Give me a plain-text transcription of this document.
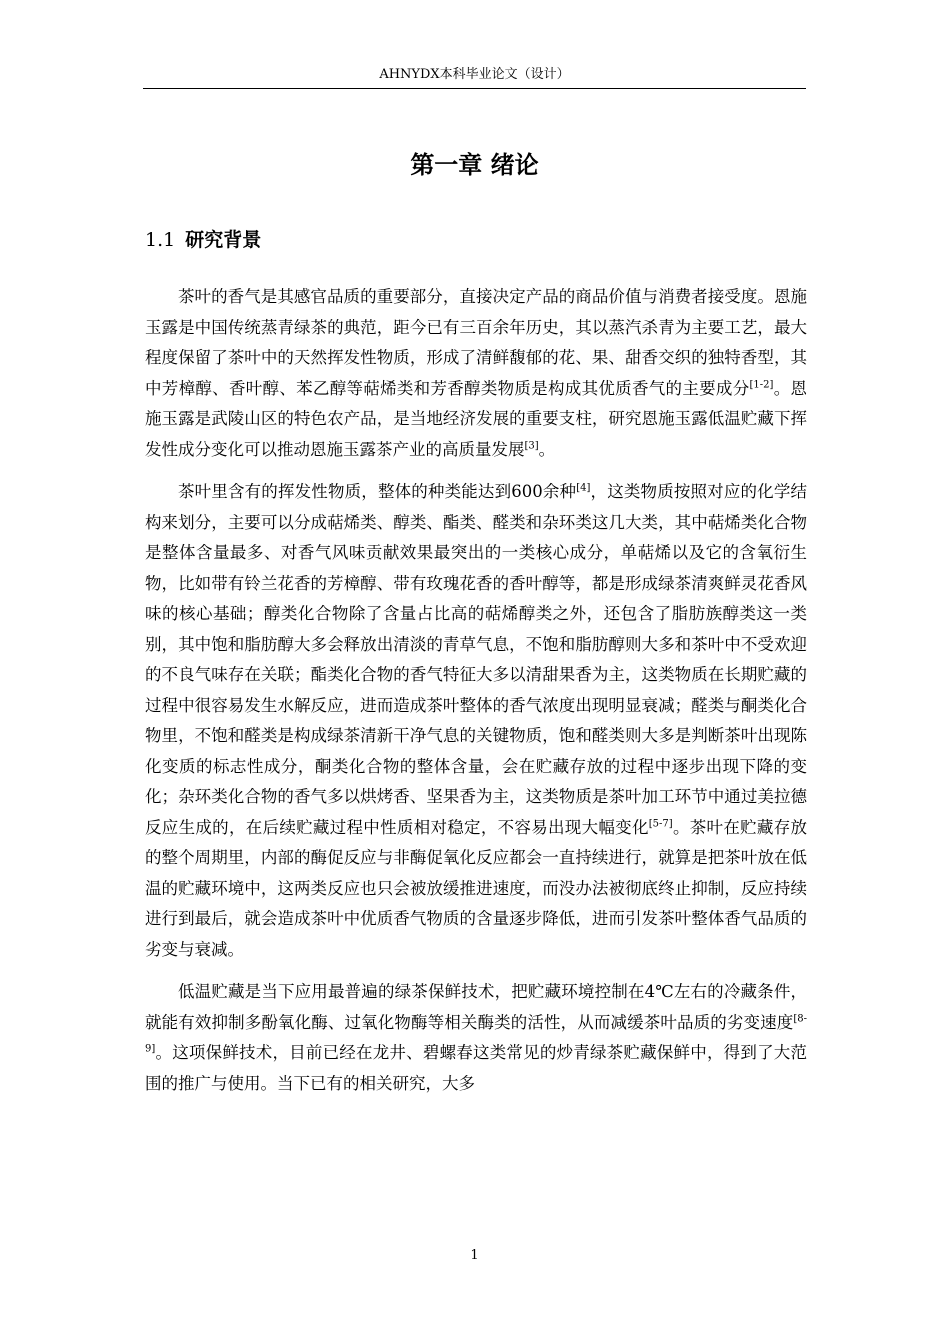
AHNYDX本科毕业论文（设计）
第一章 绪论
1.1 研究背景

茶叶的香气是其感官品质的重要部分，直接决定产品的商品价值与消费者接受度。恩施玉露是中国传统蒸青绿茶的典范，距今已有三百余年历史，其以蒸汽杀青为主要工艺，最大程度保留了茶叶中的天然挥发性物质，形成了清鲜馥郁的花、果、甜香交织的独特香型，其中芳樟醇、香叶醇、苯乙醇等萜烯类和芳香醇类物质是构成其优质香气的主要成分[1-2]。恩施玉露是武陵山区的特色农产品，是当地经济发展的重要支柱，研究恩施玉露低温贮藏下挥发性成分变化可以推动恩施玉露茶产业的高质量发展[3]。

茶叶里含有的挥发性物质，整体的种类能达到600余种[4]，这类物质按照对应的化学结构来划分，主要可以分成萜烯类、醇类、酯类、醛类和杂环类这几大类，其中萜烯类化合物是整体含量最多、对香气风味贡献效果最突出的一类核心成分，单萜烯以及它的含氧衍生物，比如带有铃兰花香的芳樟醇、带有玫瑰花香的香叶醇等，都是形成绿茶清爽鲜灵花香风味的核心基础；醇类化合物除了含量占比高的萜烯醇类之外，还包含了脂肪族醇类这一类别，其中饱和脂肪醇大多会释放出清淡的青草气息，不饱和脂肪醇则大多和茶叶中不受欢迎的不良气味存在关联；酯类化合物的香气特征大多以清甜果香为主，这类物质在长期贮藏的过程中很容易发生水解反应，进而造成茶叶整体的香气浓度出现明显衰减；醛类与酮类化合物里，不饱和醛类是构成绿茶清新干净气息的关键物质，饱和醛类则大多是判断茶叶出现陈化变质的标志性成分，酮类化合物的整体含量，会在贮藏存放的过程中逐步出现下降的变化；杂环类化合物的香气多以烘烤香、坚果香为主，这类物质是茶叶加工环节中通过美拉德反应生成的，在后续贮藏过程中性质相对稳定，不容易出现大幅变化[5-7]。茶叶在贮藏存放的整个周期里，内部的酶促反应与非酶促氧化反应都会一直持续进行，就算是把茶叶放在低温的贮藏环境中，这两类反应也只会被放缓推进速度，而没办法被彻底终止抑制，反应持续进行到最后，就会造成茶叶中优质香气物质的含量逐步降低，进而引发茶叶整体香气品质的劣变与衰减。

低温贮藏是当下应用最普遍的绿茶保鲜技术，把贮藏环境控制在4℃左右的冷藏条件，就能有效抑制多酚氧化酶、过氧化物酶等相关酶类的活性，从而减缓茶叶品质的劣变速度[8-9]。这项保鲜技术，目前已经在龙井、碧螺春这类常见的炒青绿茶贮藏保鲜中，得到了大范围的推广与使用。当下已有的相关研究，大多

1
